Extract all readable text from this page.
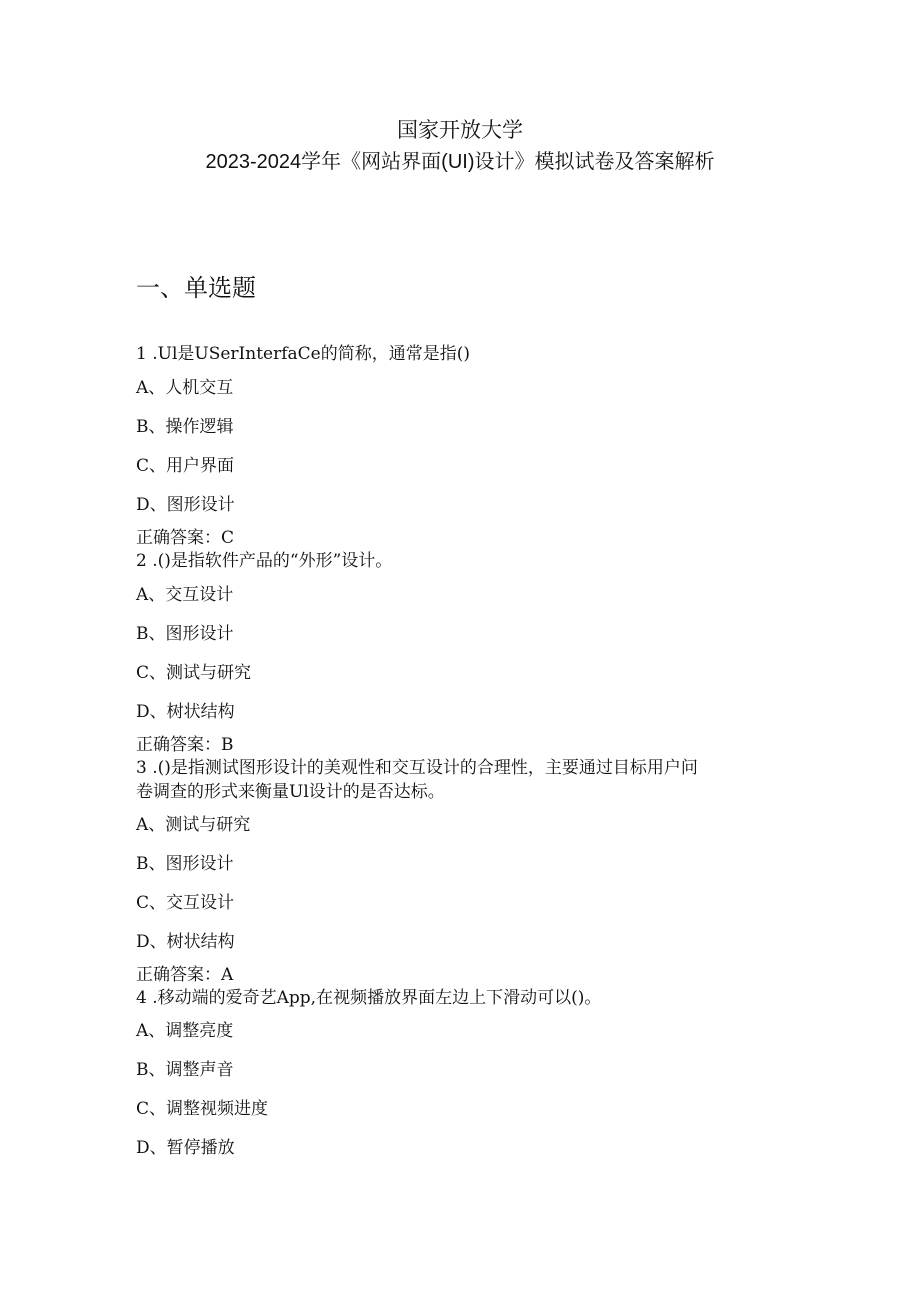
国家开放大学
2023-2024学年《网站界面(UI)设计》模拟试卷及答案解析
一、单选题
1 .Ul是USerInterfaCe的简称，通常是指()
A、人机交互
B、操作逻辑
C、用户界面
D、图形设计
正确答案：C
2 .()是指软件产品的“外形”设计。
A、交互设计
B、图形设计
C、测试与研究
D、树状结构
正确答案：B
3 .()是指测试图形设计的美观性和交互设计的合理性，主要通过目标用户问
卷调查的形式来衡量Ul设计的是否达标。
A、测试与研究
B、图形设计
C、交互设计
D、树状结构
正确答案：A
4 .移动端的爱奇艺App,在视频播放界面左边上下滑动可以()。
A、调整亮度
B、调整声音
C、调整视频进度
D、暂停播放
